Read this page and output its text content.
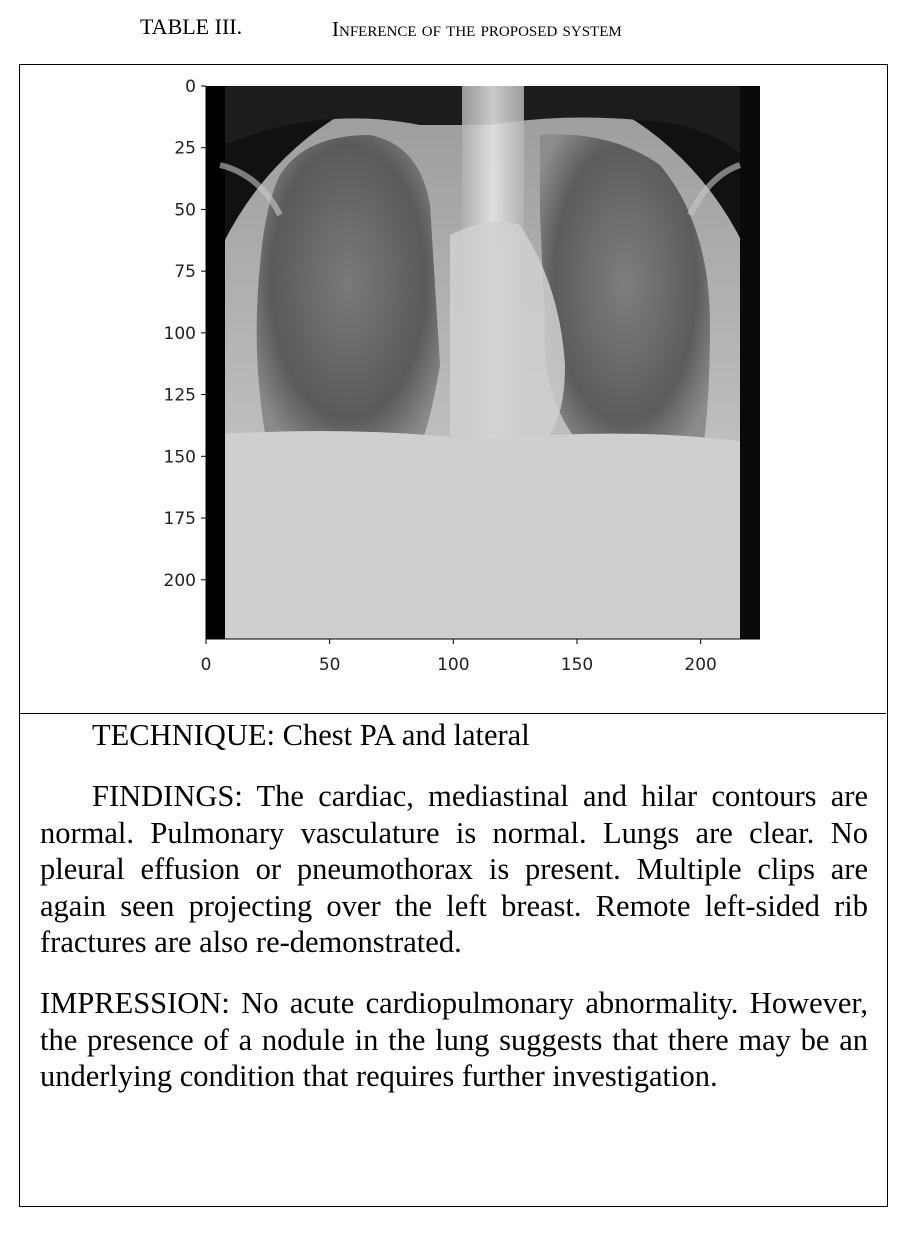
TABLE III.	Inference of the proposed system
0
25
50
75
100
125
150
175
200
0	50	100	150	200
TECHNIQUE: Chest PA and lateral
FINDINGS: The cardiac, mediastinal and hilar contours are normal. Pulmonary vasculature is normal. Lungs are clear. No pleural effusion or pneumothorax is present. Multiple clips are again seen projecting over the left breast. Remote left-sided rib fractures are also re-demonstrated.
IMPRESSION: No acute cardiopulmonary abnormality. However, the presence of a nodule in the lung suggests that there may be an underlying condition that requires further investigation.
